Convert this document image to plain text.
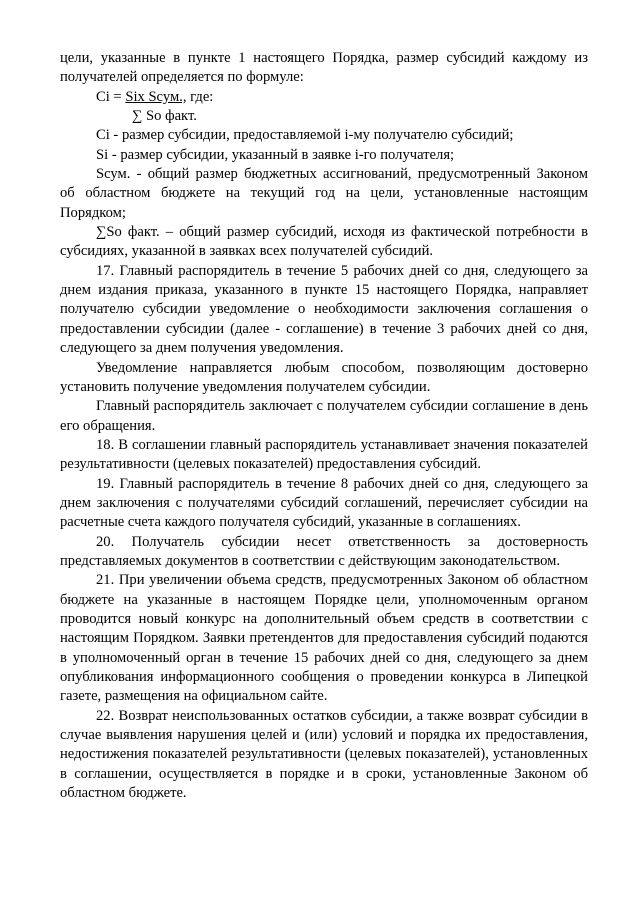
цели, указанные в пункте 1 настоящего Порядка, размер субсидий каждому из получателей определяется по формуле:

Ci = Six Sсум., где:
∑ So факт.

Ci - размер субсидии, предоставляемой i-му получателю субсидий;

Si - размер субсидии, указанный в заявке i-го получателя;

Sсум. - общий размер бюджетных ассигнований, предусмотренный Законом об областном бюджете на текущий год на цели, установленные настоящим Порядком;

∑So факт. – общий размер субсидий, исходя из фактической потребности в субсидиях, указанной в заявках всех получателей субсидий.

17. Главный распорядитель в течение 5 рабочих дней со дня, следующего за днем издания приказа, указанного в пункте 15 настоящего Порядка, направляет получателю субсидии уведомление о необходимости заключения соглашения о предоставлении субсидии (далее - соглашение) в течение 3 рабочих дней со дня, следующего за днем получения уведомления.

Уведомление направляется любым способом, позволяющим достоверно установить получение уведомления получателем субсидии.

Главный распорядитель заключает с получателем субсидии соглашение в день его обращения.

18. В соглашении главный распорядитель устанавливает значения показателей результативности (целевых показателей) предоставления субсидий.

19. Главный распорядитель в течение 8 рабочих дней со дня, следующего за днем заключения с получателями субсидий соглашений, перечисляет субсидии на расчетные счета каждого получателя субсидий, указанные в соглашениях.

20. Получатель субсидии несет ответственность за достоверность представляемых документов в соответствии с действующим законодательством.

21. При увеличении объема средств, предусмотренных Законом об областном бюджете на указанные в настоящем Порядке цели, уполномоченным органом проводится новый конкурс на дополнительный объем средств в соответствии с настоящим Порядком. Заявки претендентов для предоставления субсидий подаются в уполномоченный орган в течение 15 рабочих дней со дня, следующего за днем опубликования информационного сообщения о проведении конкурса в Липецкой газете, размещения на официальном сайте.

22. Возврат неиспользованных остатков субсидии, а также возврат субсидии в случае выявления нарушения целей и (или) условий и порядка их предоставления, недостижения показателей результативности (целевых показателей), установленных в соглашении, осуществляется в порядке и в сроки, установленные Законом об областном бюджете.
